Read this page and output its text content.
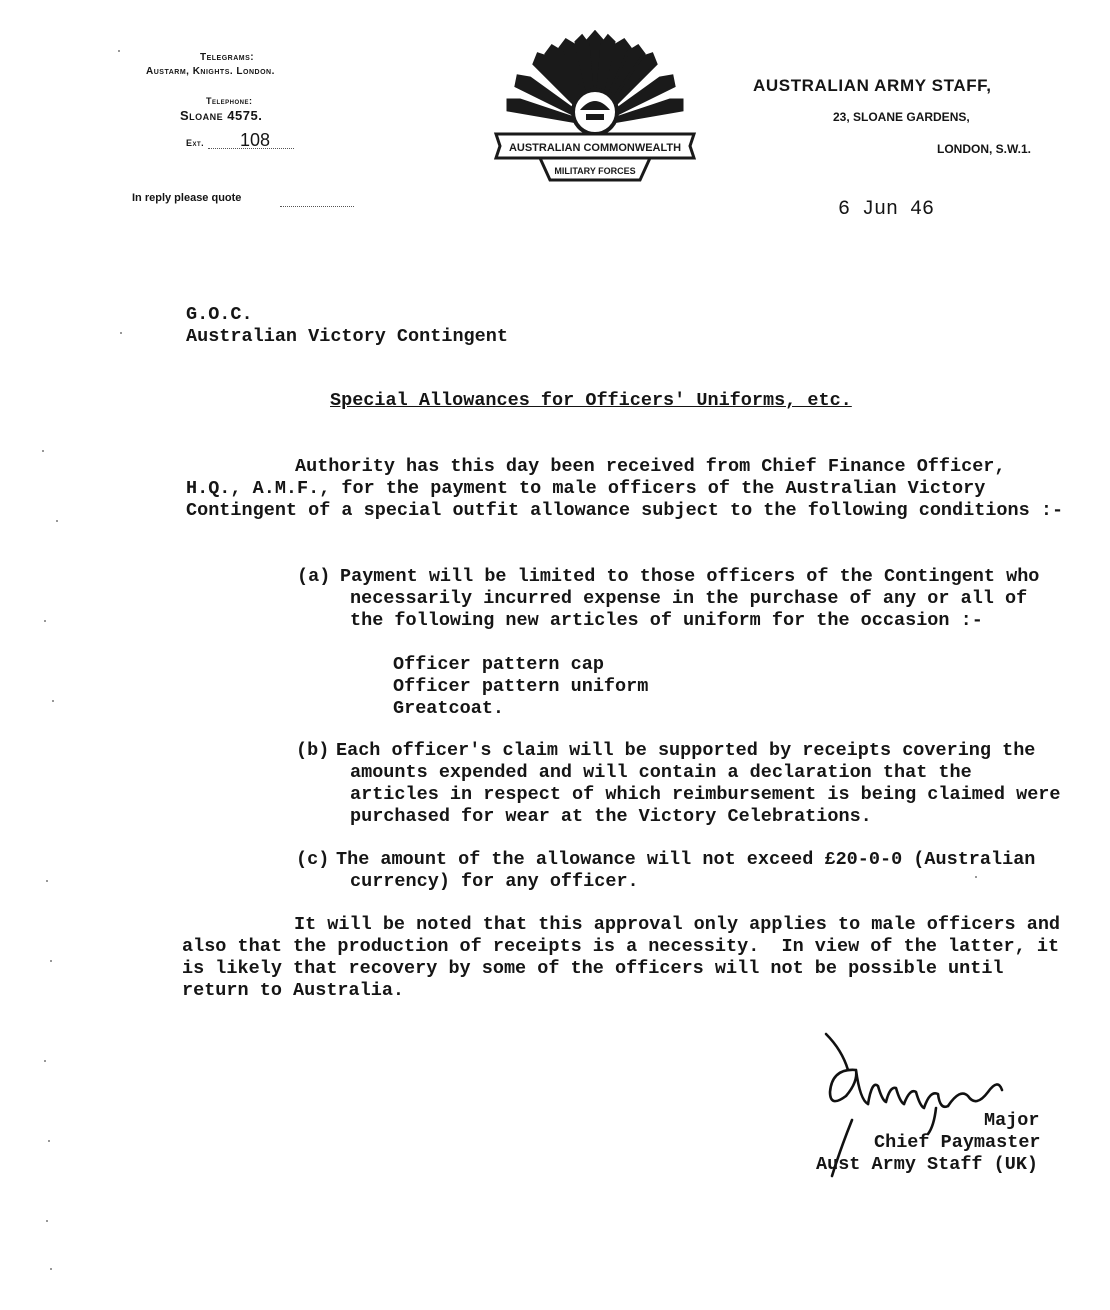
Telegrams:
Austarm, Knights. London.
Telephone:
Sloane 4575.
Ext. 108
In reply please quote
AUSTRALIAN COMMONWEALTH
MILITARY FORCES
AUSTRALIAN ARMY STAFF,
23, SLOANE GARDENS,
LONDON, S.W.1.
6 Jun 46
G.O.C.
Australian Victory Contingent
Special Allowances for Officers' Uniforms, etc.
Authority has this day been received from Chief Finance Officer,
H.Q., A.M.F., for the payment to male officers of the Australian Victory
Contingent of a special outfit allowance subject to the following conditions :-
(a) Payment will be limited to those officers of the Contingent who
necessarily incurred expense in the purchase of any or all of
the following new articles of uniform for the occasion :-
Officer pattern cap
Officer pattern uniform
Greatcoat.
(b) Each officer's claim will be supported by receipts covering the
amounts expended and will contain a declaration that the
articles in respect of which reimbursement is being claimed were
purchased for wear at the Victory Celebrations.
(c) The amount of the allowance will not exceed £20-0-0 (Australian
currency) for any officer.
It will be noted that this approval only applies to male officers and
also that the production of receipts is a necessity.  In view of the latter, it
is likely that recovery by some of the officers will not be possible until
return to Australia.
Major
Chief Paymaster
Aust Army Staff (UK)
